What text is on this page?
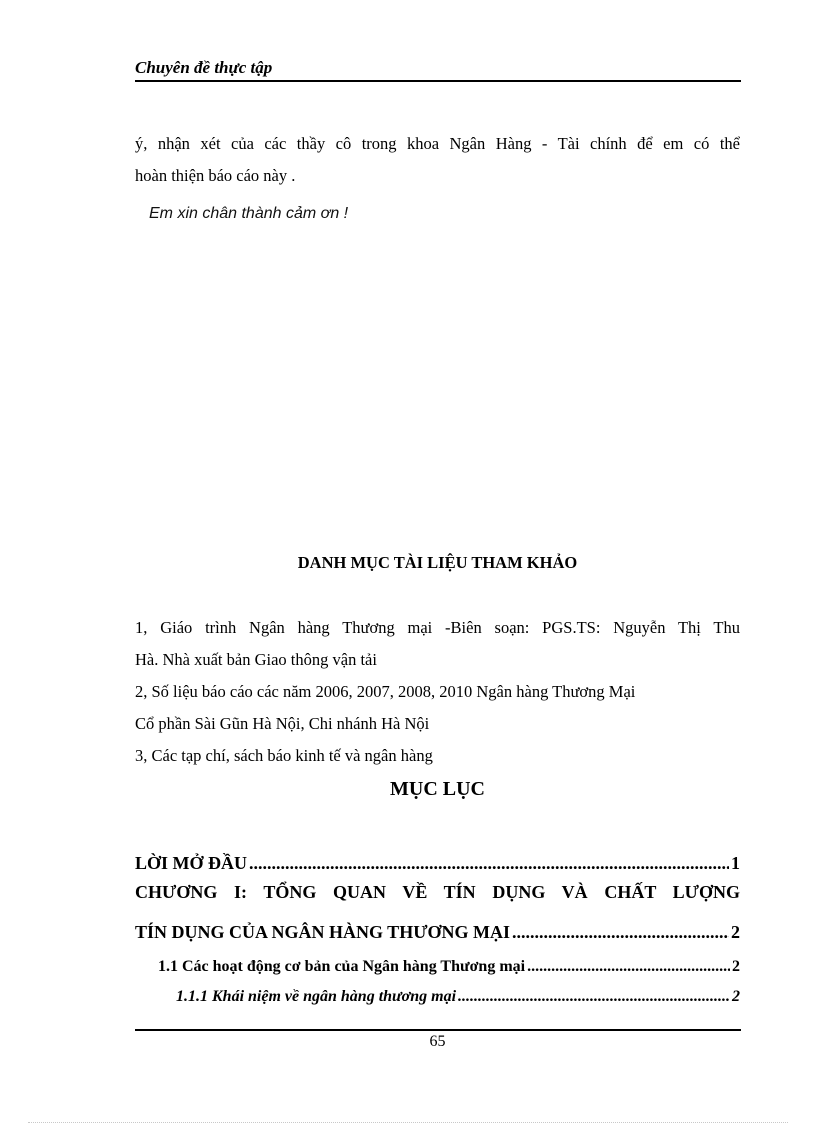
Chuyên đề thực tập
ý, nhận xét của các thầy cô trong khoa Ngân Hàng - Tài chính để em có thể
hoàn thiện báo cáo này .
Em xin chân thành cảm ơn !
DANH MỤC TÀI LIỆU THAM KHẢO
1, Giáo trình Ngân hàng Thương mại -Biên soạn: PGS.TS: Nguyễn Thị Thu
Hà. Nhà xuất bản Giao thông vận tải
2, Số liệu báo cáo các năm 2006, 2007, 2008, 2010 Ngân hàng Thương Mại
Cổ phần Sài Gũn Hà Nội, Chi nhánh Hà Nội
3, Các tạp chí, sách báo kinh tế và ngân hàng
MỤC LỤC
LỜI MỞ ĐẦU .....	1
CHƯƠNG I: TỔNG QUAN VỀ TÍN DỤNG VÀ CHẤT LƯỢNG
TÍN DỤNG CỦA NGÂN HÀNG THƯƠNG MẠI .....	2
1.1 Các hoạt động cơ bản của Ngân hàng Thương mại .....	2
1.1.1 Khái niệm về ngân hàng thương mại .....	2
65
